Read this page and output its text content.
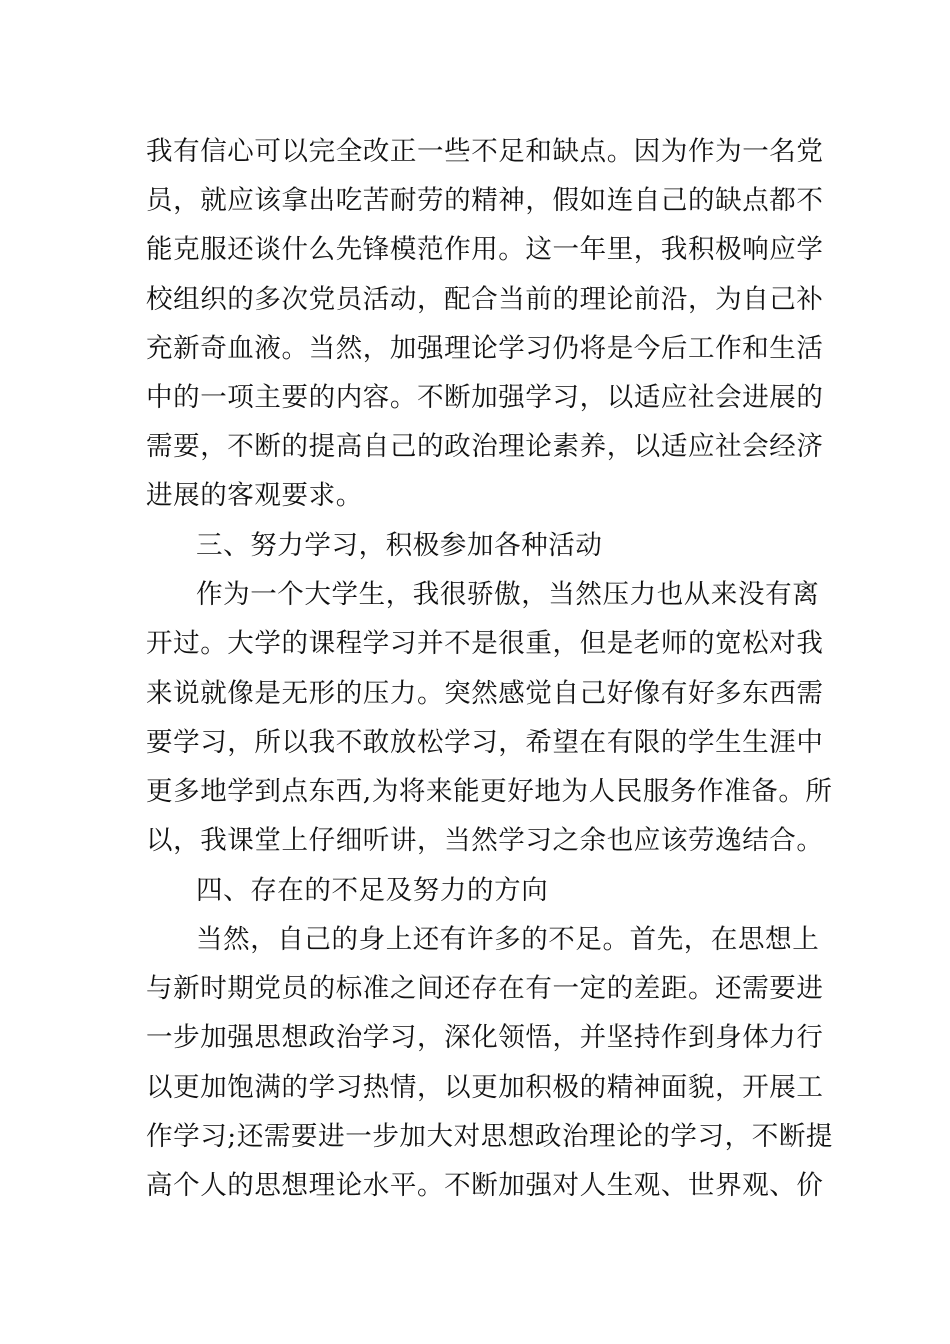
我有信心可以完全改正一些不足和缺点。因为作为一名党
员，就应该拿出吃苦耐劳的精神，假如连自己的缺点都不
能克服还谈什么先锋模范作用。这一年里，我积极响应学
校组织的多次党员活动，配合当前的理论前沿，为自己补
充新奇血液。当然，加强理论学习仍将是今后工作和生活
中的一项主要的内容。不断加强学习，以适应社会进展的
需要，不断的提高自己的政治理论素养，以适应社会经济
进展的客观要求。
三、努力学习，积极参加各种活动
作为一个大学生，我很骄傲，当然压力也从来没有离
开过。大学的课程学习并不是很重，但是老师的宽松对我
来说就像是无形的压力。突然感觉自己好像有好多东西需
要学习，所以我不敢放松学习，希望在有限的学生生涯中
更多地学到点东西,为将来能更好地为人民服务作准备。所
以，我课堂上仔细听讲，当然学习之余也应该劳逸结合。
四、存在的不足及努力的方向
当然，自己的身上还有许多的不足。首先，在思想上
与新时期党员的标准之间还存在有一定的差距。还需要进
一步加强思想政治学习，深化领悟，并坚持作到身体力行
以更加饱满的学习热情，以更加积极的精神面貌，开展工
作学习;还需要进一步加大对思想政治理论的学习，不断提
高个人的思想理论水平。不断加强对人生观、世界观、价
